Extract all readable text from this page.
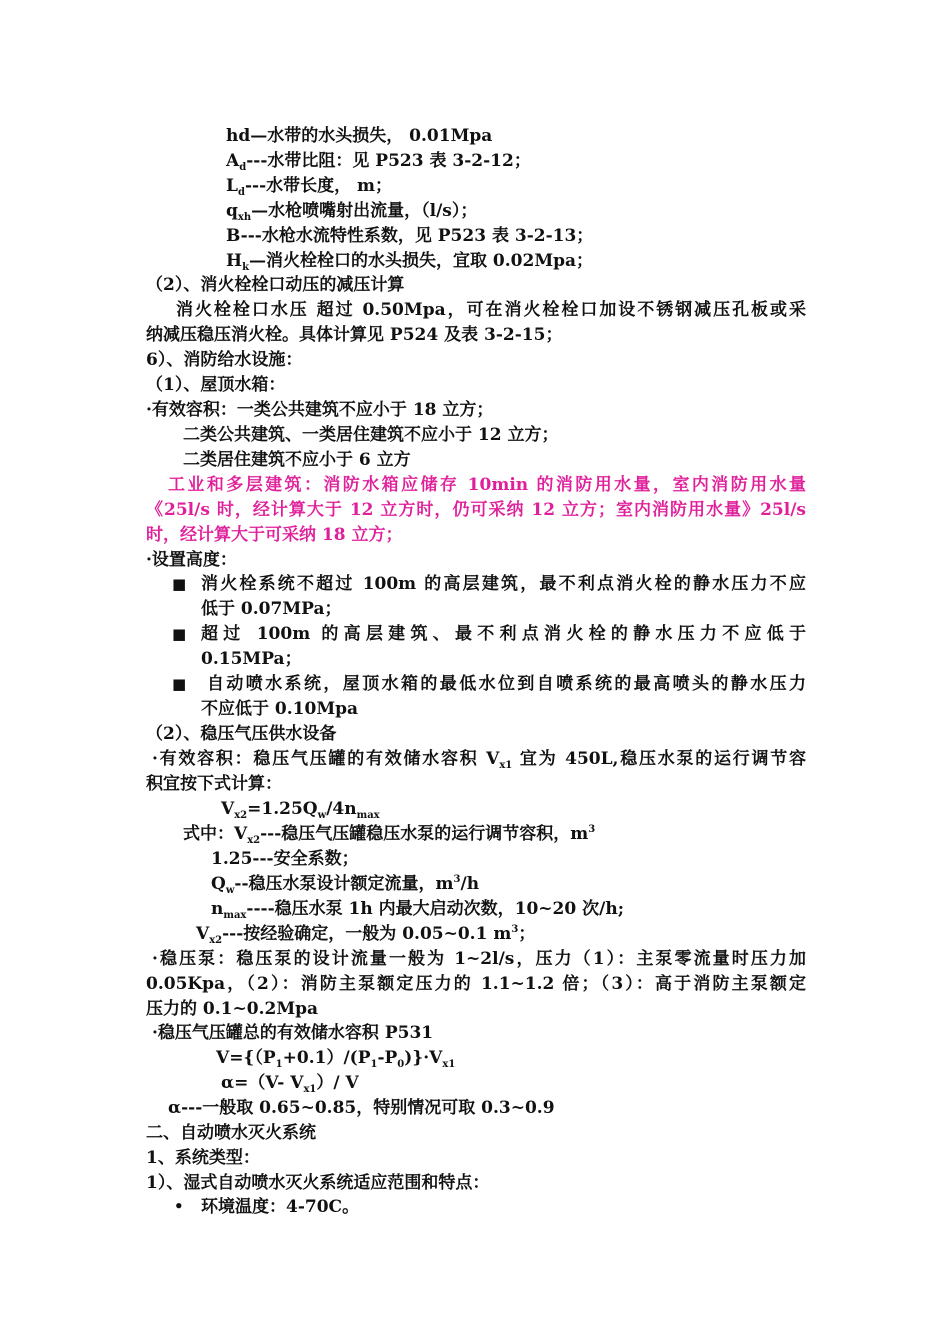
hd—水带的水头损失， 0.01Mpa
$A_d---$水带比阻：见 P523 表 3-2-12；
$L_d---$水带长度， m；
$q_{xh}—$水枪喷嘴射出流量，（l/s）；
B---水枪水流特性系数，见 P523 表 3-2-13；
$H_k—$消火栓栓口的水头损失，宜取 0.02Mpa；
（2）、消火栓栓口动压的减压计算
消火栓栓口水压 超过 0.50Mpa，可在消火栓栓口加设不锈钢减压孔板或采
纳减压稳压消火栓。具体计算见 P524 及表 3-2-15；
6）、消防给水设施：
（1）、屋顶水箱：
·有效容积：一类公共建筑不应小于 18 立方；
二类公共建筑、一类居住建筑不应小于 12 立方；
二类居住建筑不应小于 6 立方
工业和多层建筑：消防水箱应储存 10min 的消防用水量，室内消防用水量
《25l/s 时，经计算大于 12 立方时，仍可采纳 12 立方；室内消防用水量》25l/s
时，经计算大于可采纳 18 立方；
·设置高度：
■ 消火栓系统不超过 100m 的高层建筑，最不利点消火栓的静水压力不应
低于 0.07MPa；
■ 超过 100m 的高层建筑、最不利点消火栓的静水压力不应低于
0.15MPa；
■ 自动喷水系统，屋顶水箱的最低水位到自喷系统的最高喷头的静水压力
不应低于 0.10Mpa
（2）、稳压气压供水设备
·有效容积：稳压气压罐的有效储水容积 $V_{x1}$ 宜为 450L,稳压水泵的运行调节容
积宜按下式计算：
$V_{x2}=1.25Q_w/4n_{max}$
式中：$V_{x2}---$稳压气压罐稳压水泵的运行调节容积，$m^3$
1.25---安全系数；
$Q_w--$稳压水泵设计额定流量，$m^3/h$
$n_{max}----$稳压水泵 1h 内最大启动次数，10~20 次/h;
$V_{x2}---$按经验确定，一般为 0.05~0.1 $m^3$；
·稳压泵：稳压泵的设计流量一般为 1~2l/s，压力（1）：主泵零流量时压力加
0.05Kpa，（2）：消防主泵额定压力的 1.1~1.2 倍；（3）：高于消防主泵额定
压力的 0.1~0.2Mpa
·稳压气压罐总的有效储水容积 P531
$V=\{(P_1+0.1)/(P_1-P_0)\}\cdot V_{x1}$
α=（V- $V_{x1})/$ V
α---一般取 0.65~0.85，特别情况可取 0.3~0.9
二、自动喷水灭火系统
1、系统类型：
1）、湿式自动喷水灭火系统适应范围和特点：
• 环境温度：4-70C。
